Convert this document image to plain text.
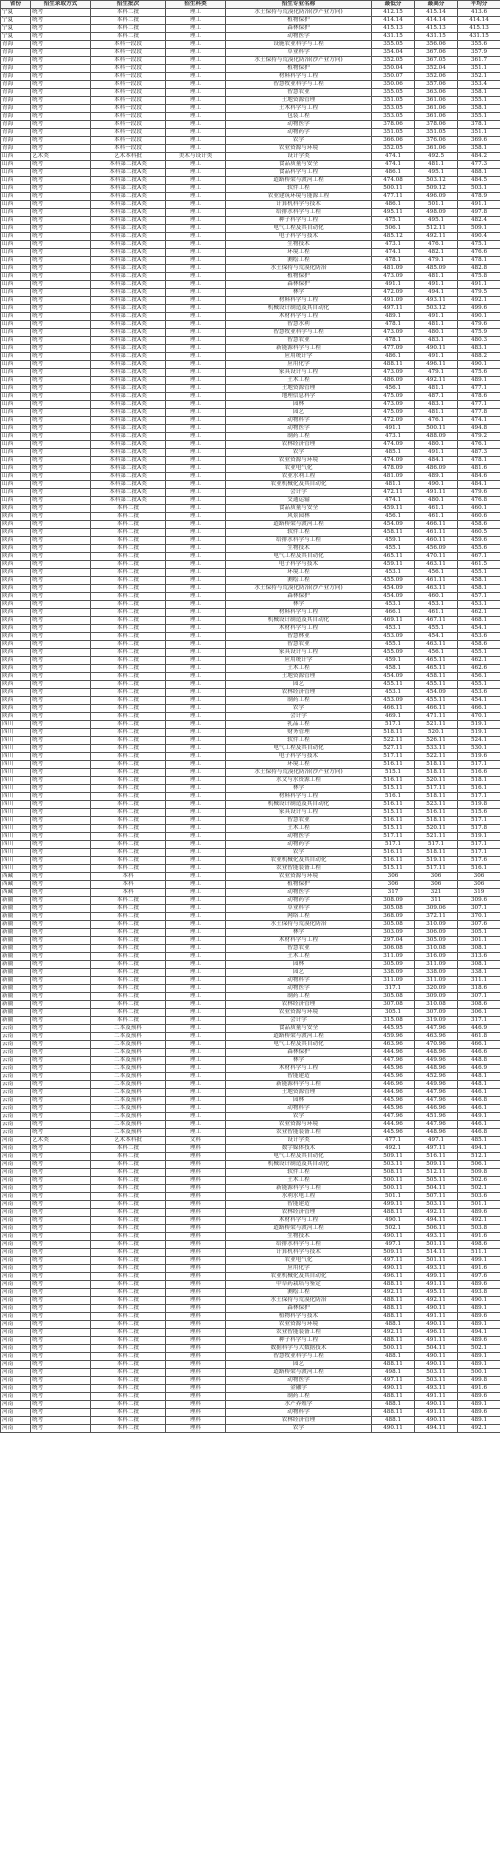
省份	招生录取方式	招生批次	招生科类	招生专业名称	最低分	最高分	平均分
宁夏	统考	本科二批	理工	水土保持与荒漠化防治(沙产业方向)	412.15	415.14	413.6
宁夏	统考	本科二批	理工	植物保护	414.14	414.14	414.14
宁夏	统考	本科二批	理工	森林保护	415.13	415.13	415.13
宁夏	统考	本科二批	理工	动物医学	431.15	431.15	431.15
青海	统考	本科一段段	理工	设施农业科学与工程	355.05	356.06	355.6
青海	统考	本科一段段	理工	草业科学	354.04	367.06	357.9
青海	统考	本科一段段	理工	水土保持与荒漠化防治(沙产业方向)	352.05	367.05	361.7
青海	统考	本科一段段	理工	植物保护	350.04	352.04	351.1
青海	统考	本科一段段	理工	材料科学与工程	350.07	352.06	352.1
青海	统考	本科一段段	理工	智慧牧业科学与工程	350.06	357.06	353.4
青海	统考	本科一段段	理工	智慧农业	355.05	363.06	358.1
青海	统考	本科一段段	理工	土地资源管理	351.05	361.06	355.1
青海	统考	本科一段段	理工	土木科学与工程	353.05	361.06	358.1
青海	统考	本科一段段	理工	包装工程	353.05	361.06	355.1
青海	统考	本科一段段	理工	动物医学	378.06	378.06	378.1
青海	统考	本科一段段	理工	动物药学	351.05	351.05	351.1
青海	统考	本科一段段	理工	农学	366.06	376.06	369.6
青海	统考	本科一段段	理工	农业资源与环境	352.05	361.06	358.1
山西	艺术类	艺术本科批	美术与设计类	设计学类	474.1	492.5	484.2
山西	统考	本科第二批A类	理工	食品质量与安全	474.1	481.1	477.3
山西	统考	本科第二批A类	理工	食品科学与工程	486.1	495.1	488.1
山西	统考	本科第二批A类	理工	道路桥梁与渡河工程	474.08	503.12	484.5
山西	统考	本科第二批A类	理工	软件工程	500.11	509.12	503.1
山西	统考	本科第二批A类	理工	农业建筑环境与能源工程	477.11	496.09	478.9
山西	统考	本科第二批A类	理工	计算机科学与技术	486.1	501.1	491.1
山西	统考	本科第二批A类	理工	给排水科学与工程	495.11	498.09	497.8
山西	统考	本科第二批A类	理工	种子科学与工程	475.1	495.1	482.4
山西	统考	本科第二批A类	理工	电气工程及其自动化	506.1	512.11	509.1
山西	统考	本科第二批A类	理工	电子科学与技术	485.12	492.11	490.4
山西	统考	本科第二批A类	理工	生物技术	473.1	476.1	475.1
山西	统考	本科第二批A类	理工	环境工程	474.1	482.1	476.6
山西	统考	本科第二批A类	理工	测绘工程	478.1	479.1	478.1
山西	统考	本科第二批A类	理工	水土保持与荒漠化防治	481.09	485.09	482.8
山西	统考	本科第二批A类	理工	植物保护	473.09	481.1	475.8
山西	统考	本科第二批A类	理工	森林保护	491.1	491.1	491.1
山西	统考	本科第二批A类	理工	林学	472.09	494.1	479.5
山西	统考	本科第二批A类	理工	材料科学与工程	491.09	493.11	492.1
山西	统考	本科第二批A类	理工	机械设计制造及其自动化	497.11	503.12	499.6
山西	统考	本科第二批A类	理工	木材科学与工程	489.1	491.1	490.1
山西	统考	本科第二批A类	理工	智慧水利	478.1	481.1	479.6
山西	统考	本科第二批A类	理工	智慧牧业科学与工程	473.09	480.1	475.9
山西	统考	本科第二批A类	理工	智慧农业	478.1	483.1	480.3
山西	统考	本科第二批A类	理工	新能源科学与工程	477.09	490.11	483.1
山西	统考	本科第二批A类	理工	应用统计学	486.1	491.1	488.2
山西	统考	本科第二批A类	理工	应用化学	488.11	496.11	490.1
山西	统考	本科第二批A类	理工	家具设计与工程	473.09	479.1	475.6
山西	统考	本科第二批A类	理工	土木工程	486.09	492.11	489.1
山西	统考	本科第二批A类	理工	土地资源管理	456.1	481.1	477.1
山西	统考	本科第二批A类	理工	地理信息科学	475.09	487.1	478.6
山西	统考	本科第二批A类	理工	园林	473.09	483.1	477.1
山西	统考	本科第二批A类	理工	园艺	475.09	481.1	477.8
山西	统考	本科第二批A类	理工	动物科学	472.09	476.1	474.1
山西	统考	本科第二批A类	理工	动物医学	491.1	500.11	494.8
山西	统考	本科第二批A类	理工	制药工程	473.1	488.09	479.2
山西	统考	本科第二批A类	理工	农林经济管理	474.09	480.1	476.1
山西	统考	本科第二批A类	理工	农学	485.1	491.1	487.3
山西	统考	本科第二批A类	理工	农业资源与环境	474.09	484.1	478.1
山西	统考	本科第二批A类	理工	农业电气化	478.09	486.09	481.6
山西	统考	本科第二批A类	理工	农业水利工程	481.09	489.1	484.6
山西	统考	本科第二批A类	理工	农业机械化及其自动化	481.1	490.1	484.1
山西	统考	本科第二批A类	理工	会计学	472.11	491.11	479.6
山西	统考	本科第二批A类	理工	交通运输	474.1	480.1	476.8
陕西	统考	本科二批	理工	食品质量与安全	459.11	461.1	460.1
陕西	统考	本科二批	理工	风景园林	456.1	461.1	460.6
陕西	统考	本科二批	理工	道路桥梁与渡河工程	454.09	466.11	458.6
陕西	统考	本科二批	理工	软件工程	458.11	461.11	460.5
陕西	统考	本科二批	理工	给排水科学与工程	459.1	460.11	459.6
陕西	统考	本科二批	理工	生物技术	455.1	456.09	455.6
陕西	统考	本科二批	理工	电气工程及其自动化	465.11	470.11	467.1
陕西	统考	本科二批	理工	电子科学与技术	459.11	463.11	461.5
陕西	统考	本科二批	理工	环境工程	453.1	456.1	455.1
陕西	统考	本科二批	理工	测绘工程	455.09	461.11	458.1
陕西	统考	本科二批	理工	水土保持与荒漠化防治(沙产业方向)	454.09	463.11	458.1
陕西	统考	本科二批	理工	森林保护	454.09	460.1	457.1
陕西	统考	本科二批	理工	林学	453.1	453.1	453.1
陕西	统考	本科二批	理工	材料科学与工程	466.1	461.1	462.1
陕西	统考	本科二批	理工	机械设计制造及其自动化	469.11	467.11	468.1
陕西	统考	本科二批	理工	木材科学与工程	453.1	455.1	454.1
陕西	统考	本科二批	理工	智慧林业	453.09	454.1	453.6
陕西	统考	本科二批	理工	智慧农业	455.1	463.11	458.6
陕西	统考	本科二批	理工	家具设计与工程	455.09	456.1	455.1
陕西	统考	本科二批	理工	应用统计学	459.1	465.11	462.1
陕西	统考	本科二批	理工	土木工程	458.1	465.11	462.6
陕西	统考	本科二批	理工	土地资源管理	454.09	458.11	456.1
陕西	统考	本科二批	理工	园艺	455.11	455.11	455.1
陕西	统考	本科二批	理工	农林经济管理	453.1	454.09	453.6
陕西	统考	本科二批	理工	制药工程	453.09	455.11	454.1
陕西	统考	本科二批	理工	农学	466.11	466.11	466.1
陕西	统考	本科二批	理工	会计学	469.1	471.11	470.1
四川	统考	本科二批	理工	乳品工程	517.1	521.11	519.1
四川	统考	本科二批	理工	财务管理	518.11	520.1	519.1
四川	统考	本科二批	理工	软件工程	522.11	526.11	524.1
四川	统考	本科二批	理工	电气工程及其自动化	527.11	533.11	530.1
四川	统考	本科二批	理工	电子科学与技术	517.11	522.11	519.6
四川	统考	本科二批	理工	环境工程	516.11	518.11	517.1
四川	统考	本科二批	理工	水土保持与荒漠化防治(沙产业方向)	515.1	518.11	516.6
四川	统考	本科二批	理工	水文与水资源工程	516.11	520.11	518.1
四川	统考	本科二批	理工	林学	515.11	517.11	516.1
四川	统考	本科二批	理工	材料科学与工程	516.1	518.11	517.1
四川	统考	本科二批	理工	机械设计制造及其自动化	516.11	523.11	519.8
四川	统考	本科二批	理工	家具设计与工程	515.11	516.11	515.6
四川	统考	本科二批	理工	智慧农业	516.11	518.11	517.1
四川	统考	本科二批	理工	土木工程	515.11	520.11	517.8
四川	统考	本科二批	理工	动物医学	517.11	521.11	519.1
四川	统考	本科二批	理工	动物药学	517.1	517.1	517.1
四川	统考	本科二批	理工	农学	516.11	518.11	517.1
四川	统考	本科二批	理工	农业机械化及其自动化	516.11	519.11	517.6
四川	统考	本科二批	理工	农业智能装备工程	515.11	517.11	516.1
西藏	统考	本科	理工	农业资源与环境	306	306	306
西藏	统考	本科	理工	植物保护	306	306	306
西藏	统考	本科	理工	动物医学	317	321	319
新疆	统考	本科二批	理工	动物药学	308.09	311	309.6
新疆	统考	本科二批	理工	草业科学	305.08	309.06	307.1
新疆	统考	本科二批	理工	网络工程	368.09	372.11	370.1
新疆	统考	本科二批	理工	水土保持与荒漠化防治	305.08	310.09	307.6
新疆	统考	本科二批	理工	林学	303.09	306.09	305.1
新疆	统考	本科二批	理工	木材科学与工程	297.04	305.09	301.1
新疆	统考	本科二批	理工	智慧农业	306.08	310.08	308.1
新疆	统考	本科二批	理工	土木工程	311.09	316.09	313.6
新疆	统考	本科二批	理工	园林	305.09	311.09	308.1
新疆	统考	本科二批	理工	园艺	338.09	338.09	338.1
新疆	统考	本科二批	理工	动物科学	311.09	311.09	311.1
新疆	统考	本科二批	理工	动物医学	317.1	320.09	318.6
新疆	统考	本科二批	理工	制药工程	305.08	309.09	307.1
新疆	统考	本科二批	理工	农林经济管理	307.08	310.08	308.6
新疆	统考	本科二批	理工	农业资源与环境	305.1	307.09	306.1
新疆	统考	本科二批	理工	会计学	315.08	319.09	317.1
云南	统考	二本及预科	理工	食品质量与安全	445.95	447.96	446.9
云南	统考	二本及预科	理工	道路桥梁与渡河工程	459.96	463.96	461.8
云南	统考	二本及预科	理工	电气工程及其自动化	463.96	470.96	466.1
云南	统考	二本及预科	理工	森林保护	444.96	448.96	446.6
云南	统考	二本及预科	理工	林学	447.96	449.96	448.8
云南	统考	二本及预科	理工	木材科学与工程	445.96	448.96	446.9
云南	统考	二本及预科	理工	智能建造	445.96	452.96	448.1
云南	统考	二本及预科	理工	新能源科学与工程	446.96	449.96	448.1
云南	统考	二本及预科	理工	土地资源管理	444.96	447.96	446.1
云南	统考	二本及预科	理工	园林	445.96	447.96	446.8
云南	统考	二本及预科	理工	动物科学	445.96	446.96	446.1
云南	统考	二本及预科	理工	农学	447.96	451.96	449.1
云南	统考	二本及预科	理工	农业资源与环境	444.96	447.96	446.1
云南	统考	二本及预科	理工	农业智能装备工程	445.96	448.96	446.8
河南	艺术类	艺术本科批	文科	设计学类	477.1	497.1	485.1
河南	统考	本科二批	理科	数字媒体技术	492.1	497.11	494.1
河南	统考	本科二批	理科	电气工程及其自动化	509.11	516.11	512.1
河南	统考	本科二批	理科	机械设计制造及其自动化	503.11	509.11	506.1
河南	统考	本科二批	理科	软件工程	508.11	512.11	509.8
河南	统考	本科二批	理科	土木工程	500.11	505.11	502.6
河南	统考	本科二批	理科	新能源科学与工程	500.11	504.11	502.1
河南	统考	本科二批	理科	水利水电工程	501.1	507.11	503.6
河南	统考	本科二批	理科	智能建造	499.11	503.11	501.1
河南	统考	本科二批	理科	农林经济管理	488.11	492.11	489.6
河南	统考	本科二批	理科	木材科学与工程	490.1	494.11	492.1
河南	统考	本科二批	理科	道路桥梁与渡河工程	502.1	506.11	503.8
河南	统考	本科二批	理科	生物技术	490.11	493.11	491.6
河南	统考	本科二批	理科	给排水科学与工程	497.1	501.11	498.6
河南	统考	本科二批	理科	计算机科学与技术	509.11	514.11	511.1
河南	统考	本科二批	理科	农业电气化	497.11	501.11	499.1
河南	统考	本科二批	理科	应用化学	490.11	493.11	491.6
河南	统考	本科二批	理科	农业机械化及其自动化	496.11	499.11	497.6
河南	统考	本科二批	理科	中草药栽培与鉴定	488.11	491.11	489.6
河南	统考	本科二批	理科	测绘工程	492.11	495.11	493.8
河南	统考	本科二批	理科	水土保持与荒漠化防治	488.11	492.11	490.1
河南	统考	本科二批	理科	森林保护	488.11	490.11	489.1
河南	统考	本科二批	理科	植物科学与技术	488.11	491.11	489.6
河南	统考	本科二批	理科	农业资源与环境	488.1	490.11	489.1
河南	统考	本科二批	理科	农业智能装备工程	492.11	496.11	494.1
河南	统考	本科二批	理科	种子科学与工程	488.11	491.11	489.6
河南	统考	本科二批	理科	数据科学与大数据技术	500.11	504.11	502.1
河南	统考	本科二批	理科	智慧牧业科学与工程	488.1	490.11	489.1
河南	统考	本科二批	理科	园艺	488.11	490.11	489.1
河南	统考	本科二批	理科	道路桥梁与渡河工程	498.1	503.11	500.1
河南	统考	本科二批	理科	动物医学	497.11	503.11	499.8
河南	统考	本科二批	理科	金融学	490.11	493.11	491.6
河南	统考	本科二批	理科	制药工程	488.11	491.11	489.6
河南	统考	本科二批	理科	水产养殖学	488.1	490.11	489.1
河南	统考	本科二批	理科	动物科学	488.11	491.11	489.6
河南	统考	本科二批	理科	农林经济管理	488.1	490.11	489.1
河南	统考	本科二批	理科	农学	490.11	494.11	492.1
